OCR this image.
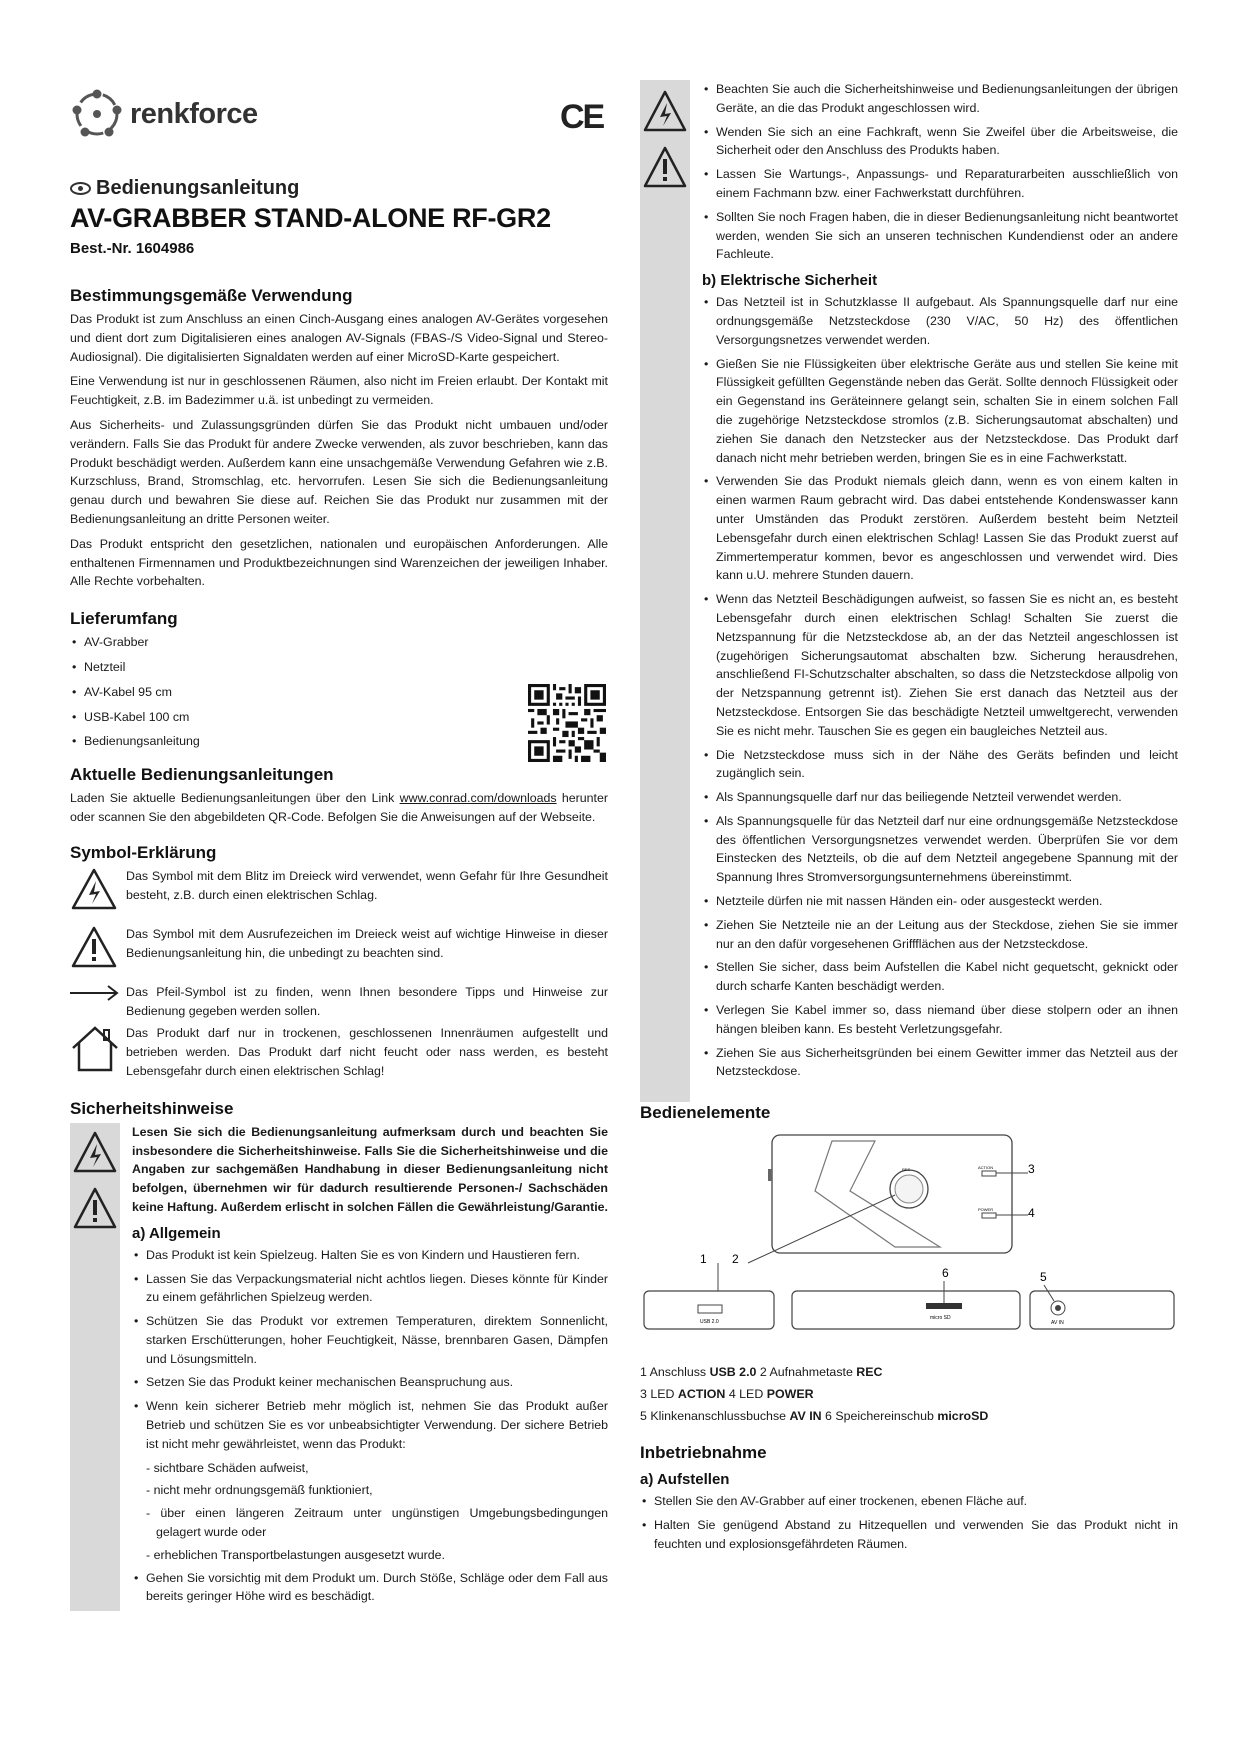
renkforce	CE
Bedienungsanleitung
AV-GRABBER STAND-ALONE RF-GR2
Best.-Nr. 1604986
Bestimmungsgemäße Verwendung
Das Produkt ist zum Anschluss an einen Cinch-Ausgang eines analogen AV-Gerätes vorgesehen und dient dort zum Digitalisieren eines analogen AV-Signals (FBAS-/S Video-Signal und Stereo-Audiosignal). Die digitalisierten Signaldaten werden auf einer MicroSD-Karte gespeichert.
Eine Verwendung ist nur in geschlossenen Räumen, also nicht im Freien erlaubt. Der Kontakt mit Feuchtigkeit, z.B. im Badezimmer u.ä. ist unbedingt zu vermeiden.
Aus Sicherheits- und Zulassungsgründen dürfen Sie das Produkt nicht umbauen und/oder verändern. Falls Sie das Produkt für andere Zwecke verwenden, als zuvor beschrieben, kann das Produkt beschädigt werden. Außerdem kann eine unsachgemäße Verwendung Gefahren wie z.B. Kurzschluss, Brand, Stromschlag, etc. hervorrufen. Lesen Sie sich die Bedienungsanleitung genau durch und bewahren Sie diese auf. Reichen Sie das Produkt nur zusammen mit der Bedienungsanleitung an dritte Personen weiter.
Das Produkt entspricht den gesetzlichen, nationalen und europäischen Anforderungen. Alle enthaltenen Firmennamen und Produktbezeichnungen sind Warenzeichen der jeweiligen Inhaber. Alle Rechte vorbehalten.
Lieferumfang
• AV-Grabber
• Netzteil
• AV-Kabel 95 cm
• USB-Kabel 100 cm
• Bedienungsanleitung
Aktuelle Bedienungsanleitungen
Laden Sie aktuelle Bedienungsanleitungen über den Link www.conrad.com/downloads herunter oder scannen Sie den abgebildeten QR-Code. Befolgen Sie die Anweisungen auf der Webseite.
Symbol-Erklärung
Das Symbol mit dem Blitz im Dreieck wird verwendet, wenn Gefahr für Ihre Gesundheit besteht, z.B. durch einen elektrischen Schlag.
Das Symbol mit dem Ausrufezeichen im Dreieck weist auf wichtige Hinweise in dieser Bedienungsanleitung hin, die unbedingt zu beachten sind.
Das Pfeil-Symbol ist zu finden, wenn Ihnen besondere Tipps und Hinweise zur Bedienung gegeben werden sollen.
Das Produkt darf nur in trockenen, geschlossenen Innenräumen aufgestellt und betrieben werden. Das Produkt darf nicht feucht oder nass werden, es besteht Lebensgefahr durch einen elektrischen Schlag!
Sicherheitshinweise
Lesen Sie sich die Bedienungsanleitung aufmerksam durch und beachten Sie insbesondere die Sicherheitshinweise. Falls Sie die Sicherheitshinweise und die Angaben zur sachgemäßen Handhabung in dieser Bedienungsanleitung nicht befolgen, übernehmen wir für dadurch resultierende Personen-/ Sachschäden keine Haftung. Außerdem erlischt in solchen Fällen die Gewährleistung/Garantie.
a) Allgemein
• Das Produkt ist kein Spielzeug. Halten Sie es von Kindern und Haustieren fern.
• Lassen Sie das Verpackungsmaterial nicht achtlos liegen. Dieses könnte für Kinder zu einem gefährlichen Spielzeug werden.
• Schützen Sie das Produkt vor extremen Temperaturen, direktem Sonnenlicht, starken Erschütterungen, hoher Feuchtigkeit, Nässe, brennbaren Gasen, Dämpfen und Lösungsmitteln.
• Setzen Sie das Produkt keiner mechanischen Beanspruchung aus.
• Wenn kein sicherer Betrieb mehr möglich ist, nehmen Sie das Produkt außer Betrieb und schützen Sie es vor unbeabsichtigter Verwendung. Der sichere Betrieb ist nicht mehr gewährleistet, wenn das Produkt:
- sichtbare Schäden aufweist,
- nicht mehr ordnungsgemäß funktioniert,
- über einen längeren Zeitraum unter ungünstigen Umgebungsbedingungen gelagert wurde oder
- erheblichen Transportbelastungen ausgesetzt wurde.
• Gehen Sie vorsichtig mit dem Produkt um. Durch Stöße, Schläge oder dem Fall aus bereits geringer Höhe wird es beschädigt.
• Beachten Sie auch die Sicherheitshinweise und Bedienungsanleitungen der übrigen Geräte, an die das Produkt angeschlossen wird.
• Wenden Sie sich an eine Fachkraft, wenn Sie Zweifel über die Arbeitsweise, die Sicherheit oder den Anschluss des Produkts haben.
• Lassen Sie Wartungs-, Anpassungs- und Reparaturarbeiten ausschließlich von einem Fachmann bzw. einer Fachwerkstatt durchführen.
• Sollten Sie noch Fragen haben, die in dieser Bedienungsanleitung nicht beantwortet werden, wenden Sie sich an unseren technischen Kundendienst oder an andere Fachleute.
b) Elektrische Sicherheit
• Das Netzteil ist in Schutzklasse II aufgebaut. Als Spannungsquelle darf nur eine ordnungsgemäße Netzsteckdose (230 V/AC, 50 Hz) des öffentlichen Versorgungsnetzes verwendet werden.
• Gießen Sie nie Flüssigkeiten über elektrische Geräte aus und stellen Sie keine mit Flüssigkeit gefüllten Gegenstände neben das Gerät. Sollte dennoch Flüssigkeit oder ein Gegenstand ins Geräteinnere gelangt sein, schalten Sie in einem solchen Fall die zugehörige Netzsteckdose stromlos (z.B. Sicherungsautomat abschalten) und ziehen Sie danach den Netzstecker aus der Netzsteckdose. Das Produkt darf danach nicht mehr betrieben werden, bringen Sie es in eine Fachwerkstatt.
• Verwenden Sie das Produkt niemals gleich dann, wenn es von einem kalten in einen warmen Raum gebracht wird. Das dabei entstehende Kondenswasser kann unter Umständen das Produkt zerstören. Außerdem besteht beim Netzteil Lebensgefahr durch einen elektrischen Schlag! Lassen Sie das Produkt zuerst auf Zimmertemperatur kommen, bevor es angeschlossen und verwendet wird. Dies kann u.U. mehrere Stunden dauern.
• Wenn das Netzteil Beschädigungen aufweist, so fassen Sie es nicht an, es besteht Lebensgefahr durch einen elektrischen Schlag! Schalten Sie zuerst die Netzspannung für die Netzsteckdose ab, an der das Netzteil angeschlossen ist (zugehörigen Sicherungsautomat abschalten bzw. Sicherung herausdrehen, anschließend FI-Schutzschalter abschalten, so dass die Netzsteckdose allpolig von der Netzspannung getrennt ist). Ziehen Sie erst danach das Netzteil aus der Netzsteckdose. Entsorgen Sie das beschädigte Netzteil umweltgerecht, verwenden Sie es nicht mehr. Tauschen Sie es gegen ein baugleiches Netzteil aus.
• Die Netzsteckdose muss sich in der Nähe des Geräts befinden und leicht zugänglich sein.
• Als Spannungsquelle darf nur das beiliegende Netzteil verwendet werden.
• Als Spannungsquelle für das Netzteil darf nur eine ordnungsgemäße Netzsteckdose des öffentlichen Versorgungsnetzes verwendet werden. Überprüfen Sie vor dem Einstecken des Netzteils, ob die auf dem Netzteil angegebene Spannung mit der Spannung Ihres Stromversorgungsunternehmens übereinstimmt.
• Netzteile dürfen nie mit nassen Händen ein- oder ausgesteckt werden.
• Ziehen Sie Netzteile nie an der Leitung aus der Steckdose, ziehen Sie sie immer nur an den dafür vorgesehenen Griffflächen aus der Netzsteckdose.
• Stellen Sie sicher, dass beim Aufstellen die Kabel nicht gequetscht, geknickt oder durch scharfe Kanten beschädigt werden.
• Verlegen Sie Kabel immer so, dass niemand über diese stolpern oder an ihnen hängen bleiben kann. Es besteht Verletzungsgefahr.
• Ziehen Sie aus Sicherheitsgründen bei einem Gewitter immer das Netzteil aus der Netzsteckdose.
Bedienelemente
3
4
1 2
6	5
USB 2.0
micro SD
AV IN
REC	ACTION
POWER
1 Anschluss USB 2.0 2 Aufnahmetaste REC
3 LED ACTION 4 LED POWER
5 Klinkenanschlussbuchse AV IN 6 Speichereinschub microSD
Inbetriebnahme
a) Aufstellen
• Stellen Sie den AV-Grabber auf einer trockenen, ebenen Fläche auf.
• Halten Sie genügend Abstand zu Hitzequellen und verwenden Sie das Produkt nicht in feuchten und explosionsgefährdeten Räumen.
